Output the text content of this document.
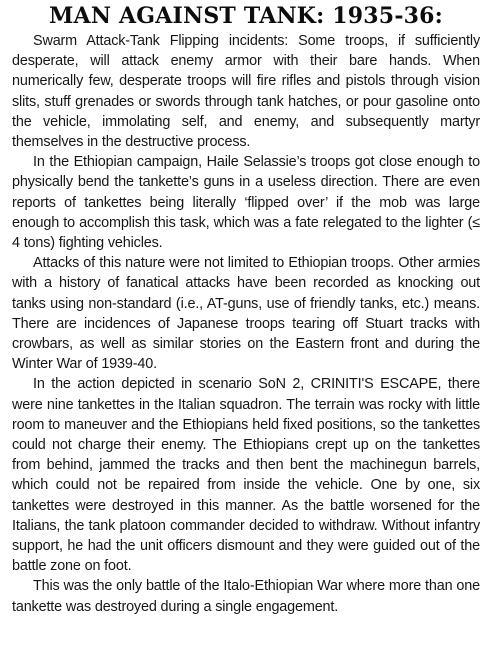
MAN AGAINST TANK: 1935-36:

Swarm Attack-Tank Flipping incidents: Some troops, if sufficiently desperate, will attack enemy armor with their bare hands. When numerically few, desperate troops will fire rifles and pistols through vision slits, stuff grenades or swords through tank hatches, or pour gasoline onto the vehicle, immolating self, and enemy, and subsequently martyr themselves in the destructive process.

In the Ethiopian campaign, Haile Selassie’s troops got close enough to physically bend the tankette’s guns in a useless direction. There are even reports of tankettes being literally ‘flipped over’ if the mob was large enough to accomplish this task, which was a fate relegated to the lighter (≤ 4 tons) fighting vehicles.

Attacks of this nature were not limited to Ethiopian troops. Other armies with a history of fanatical attacks have been recorded as knocking out tanks using non-standard (i.e., AT-guns, use of friendly tanks, etc.) means. There are incidences of Japanese troops tearing off Stuart tracks with crowbars, as well as similar stories on the Eastern front and during the Winter War of 1939-40.

In the action depicted in scenario SoN 2, CRINITI'S ESCAPE, there were nine tankettes in the Italian squadron. The terrain was rocky with little room to maneuver and the Ethiopians held fixed positions, so the tankettes could not charge their enemy. The Ethiopians crept up on the tankettes from behind, jammed the tracks and then bent the machinegun barrels, which could not be repaired from inside the vehicle. One by one, six tankettes were destroyed in this manner. As the battle worsened for the Italians, the tank platoon commander decided to withdraw. Without infantry support, he had the unit officers dismount and they were guided out of the battle zone on foot.

This was the only battle of the Italo-Ethiopian War where more than one tankette was destroyed during a single engagement.
